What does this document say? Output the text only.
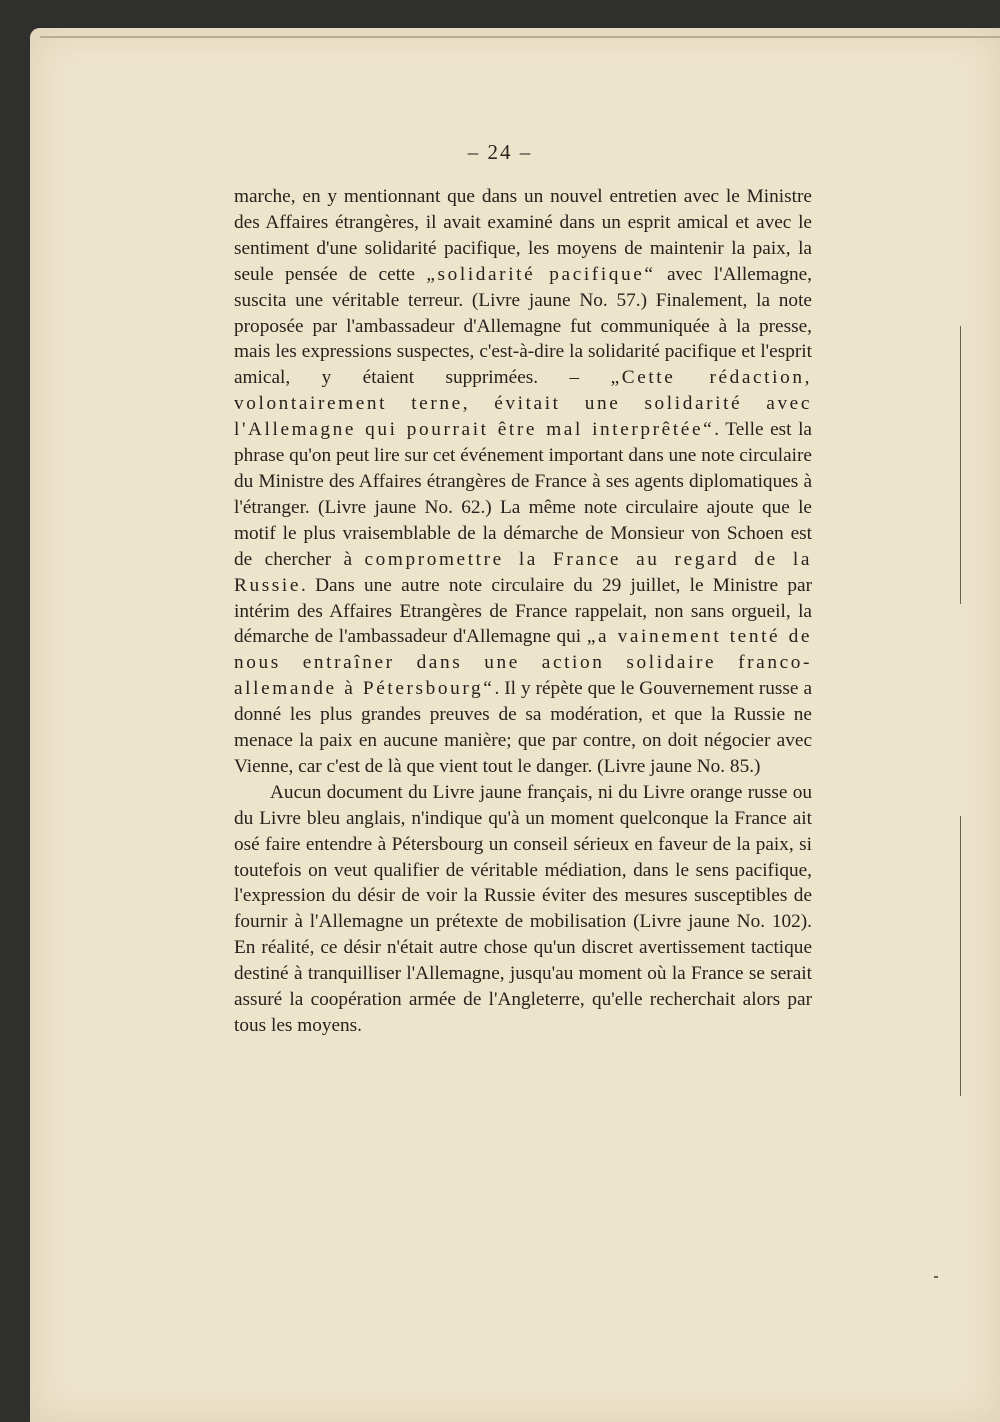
– 24 –

marche, en y mentionnant que dans un nouvel entretien avec le Ministre des Affaires étrangères, il avait examiné dans un esprit amical et avec le sentiment d'une solidarité pacifique, les moyens de maintenir la paix, la seule pensée de cette „solidarité pacifique“ avec l'Allemagne, suscita une véritable terreur. (Livre jaune No. 57.) Finalement, la note proposée par l'ambassadeur d'Allemagne fut communiquée à la presse, mais les expressions suspectes, c'est-à-dire la solidarité pacifique et l'esprit amical, y étaient supprimées. – „Cette rédaction, volontairement terne, évitait une solidarité avec l'Allemagne qui pourrait être mal interprêtée“. Telle est la phrase qu'on peut lire sur cet événement important dans une note circulaire du Ministre des Affaires étrangères de France à ses agents diplomatiques à l'étranger. (Livre jaune No. 62.) La même note circulaire ajoute que le motif le plus vraisemblable de la démarche de Monsieur von Schoen est de chercher à compromettre la France au regard de la Russie. Dans une autre note circulaire du 29 juillet, le Ministre par intérim des Affaires Etrangères de France rappelait, non sans orgueil, la démarche de l'ambassadeur d'Allemagne qui „a vainement tenté de nous entraîner dans une action solidaire franco-allemande à Pétersbourg“. Il y répète que le Gouvernement russe a donné les plus grandes preuves de sa modération, et que la Russie ne menace la paix en aucune manière; que par contre, on doit négocier avec Vienne, car c'est de là que vient tout le danger. (Livre jaune No. 85.)

Aucun document du Livre jaune français, ni du Livre orange russe ou du Livre bleu anglais, n'indique qu'à un moment quelconque la France ait osé faire entendre à Pétersbourg un conseil sérieux en faveur de la paix, si toutefois on veut qualifier de véritable médiation, dans le sens pacifique, l'expression du désir de voir la Russie éviter des mesures susceptibles de fournir à l'Allemagne un prétexte de mobilisation (Livre jaune No. 102). En réalité, ce désir n'était autre chose qu'un discret avertissement tactique destiné à tranquilliser l'Allemagne, jusqu'au moment où la France se serait assuré la coopération armée de l'Angleterre, qu'elle recherchait alors par tous les moyens.
